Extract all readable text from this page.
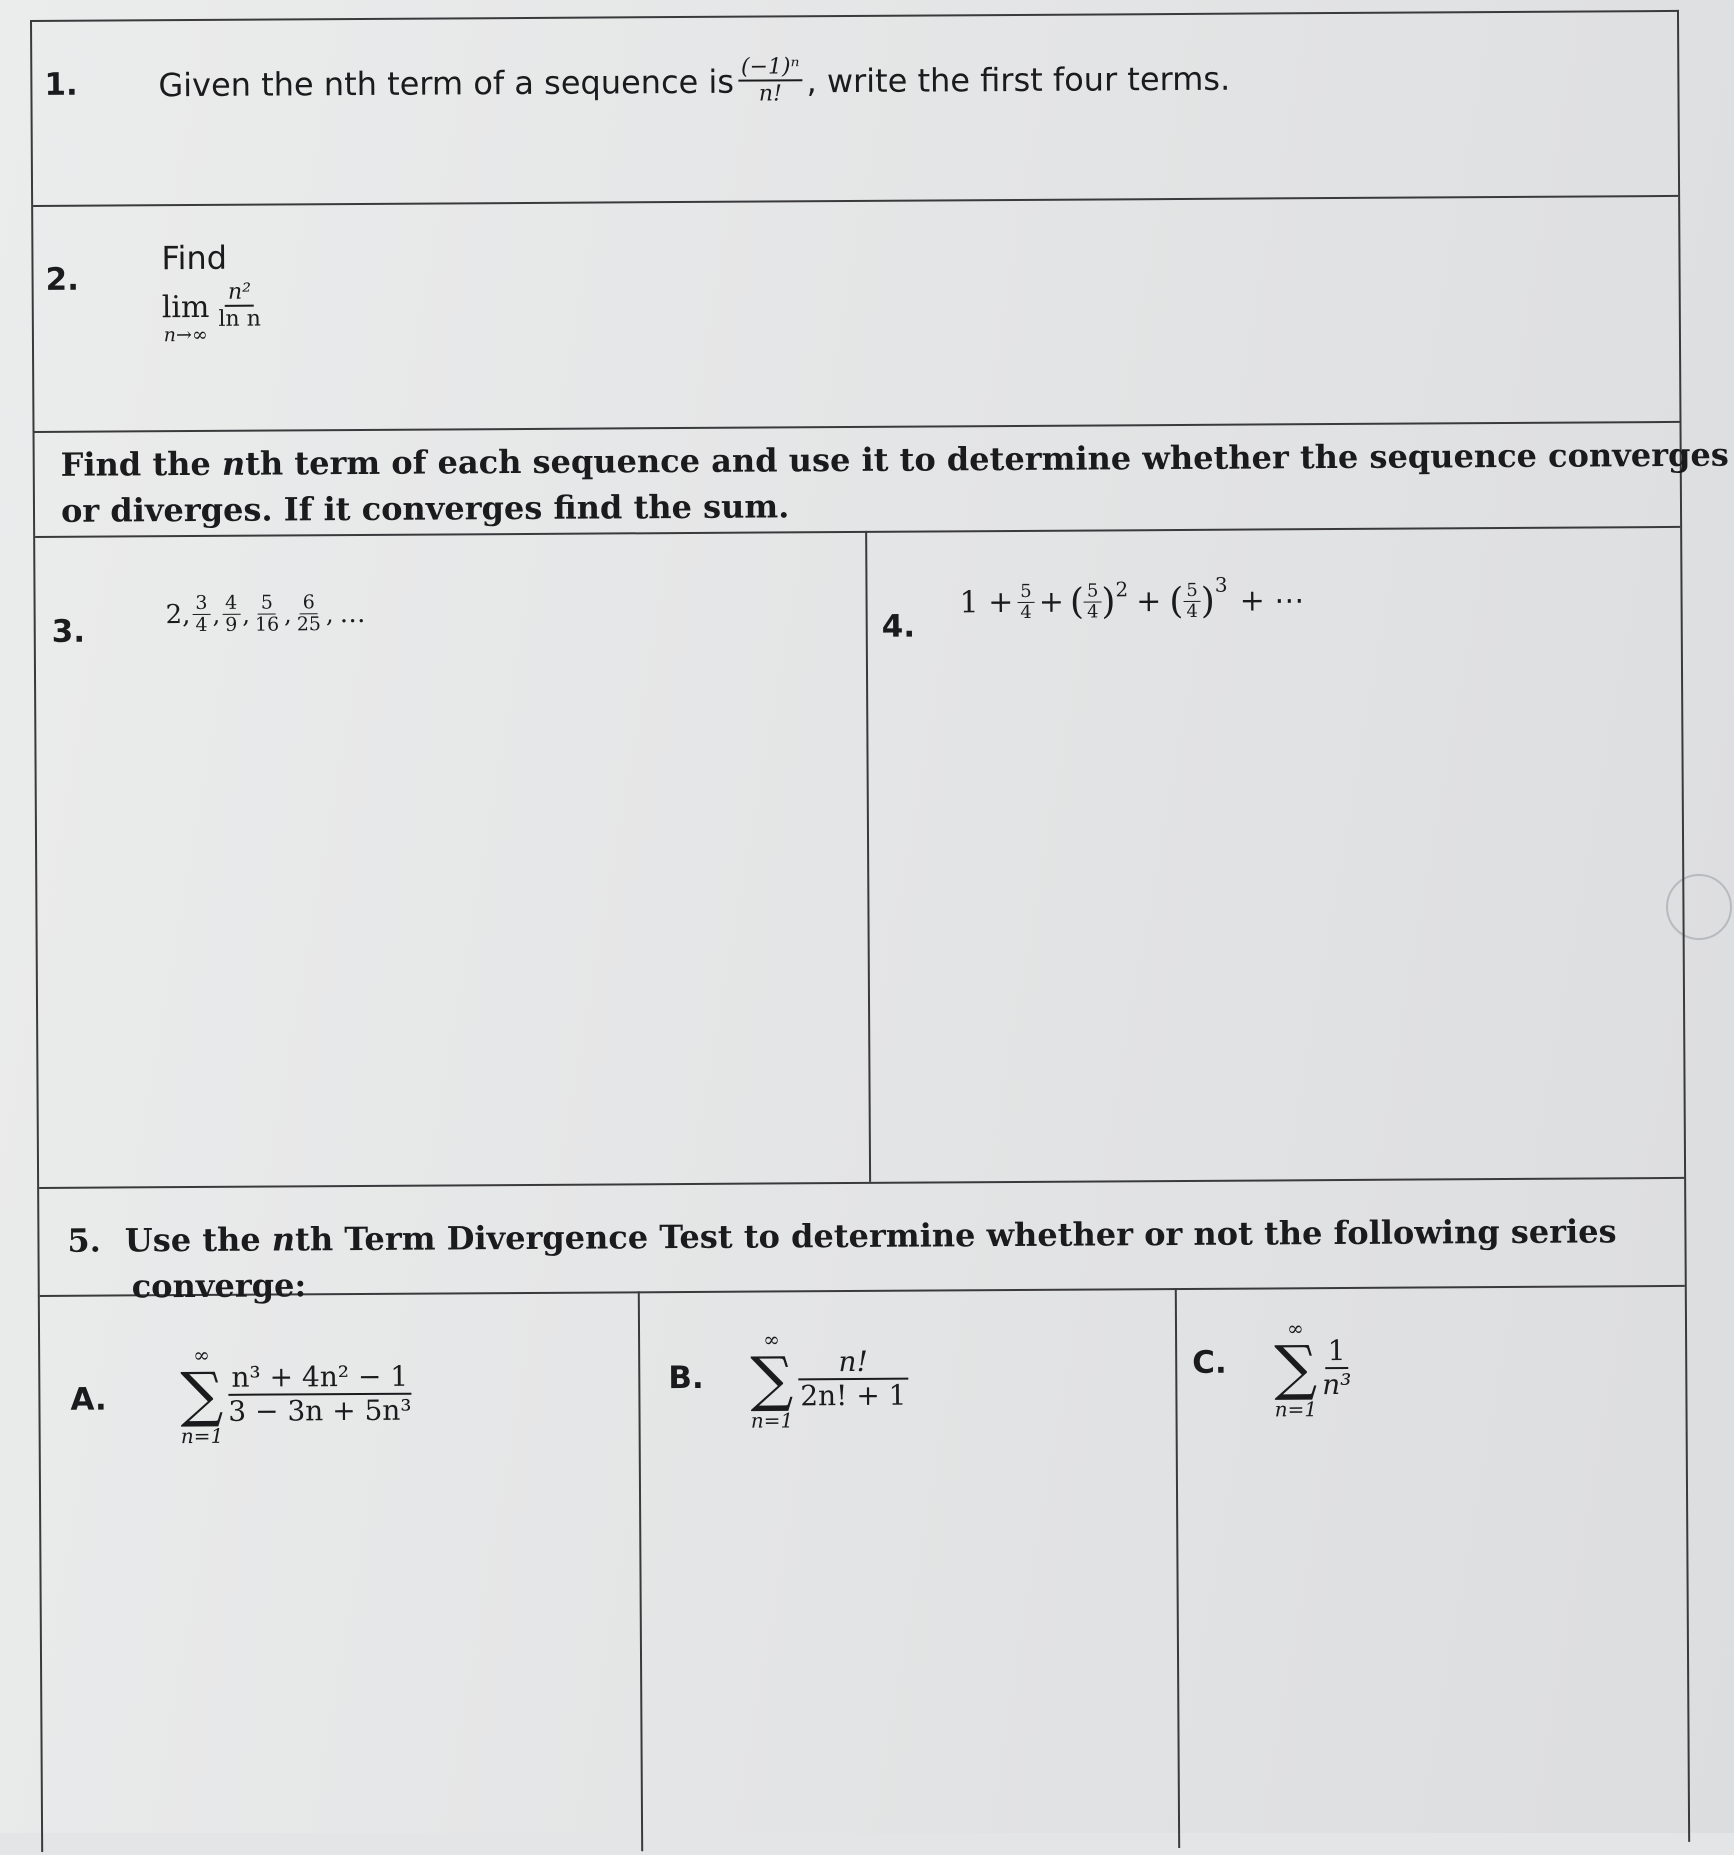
1.	Given the nth term of a sequence is $\frac{\text{(−1)ⁿ}}{n!}$ , write the first four terms.
2.
Find
lim
n→∞
$\frac{\text{n²}}{\text{ln n}}$
Find the nth term of each sequence and use it to determine whether the sequence converges
or diverges. If it converges find the sum.
3.	2, $\frac{3}{4}$ , $\frac{4}{9}$ , $\frac{5}{16}$ , $\frac{6}{25}$ , …	4.
$1 + \frac{5}{4}$ + ( $\frac{5}{4} )^2$ + ( $\frac{5}{4} )^3$ + ⋯
5. Use the nth Term Divergence Test to determine whether or not the following series
converge:
A.
∞
∑
n=1
$\frac{\text{n³ + 4n² − 1}}{\text{3 − 3n + 5n³}}$	B.
∞
∑
n=1
$\frac{n!}{2n! + 1}$	C.
∞
∑
n=1
$\frac{1}{\text{n³}}$
